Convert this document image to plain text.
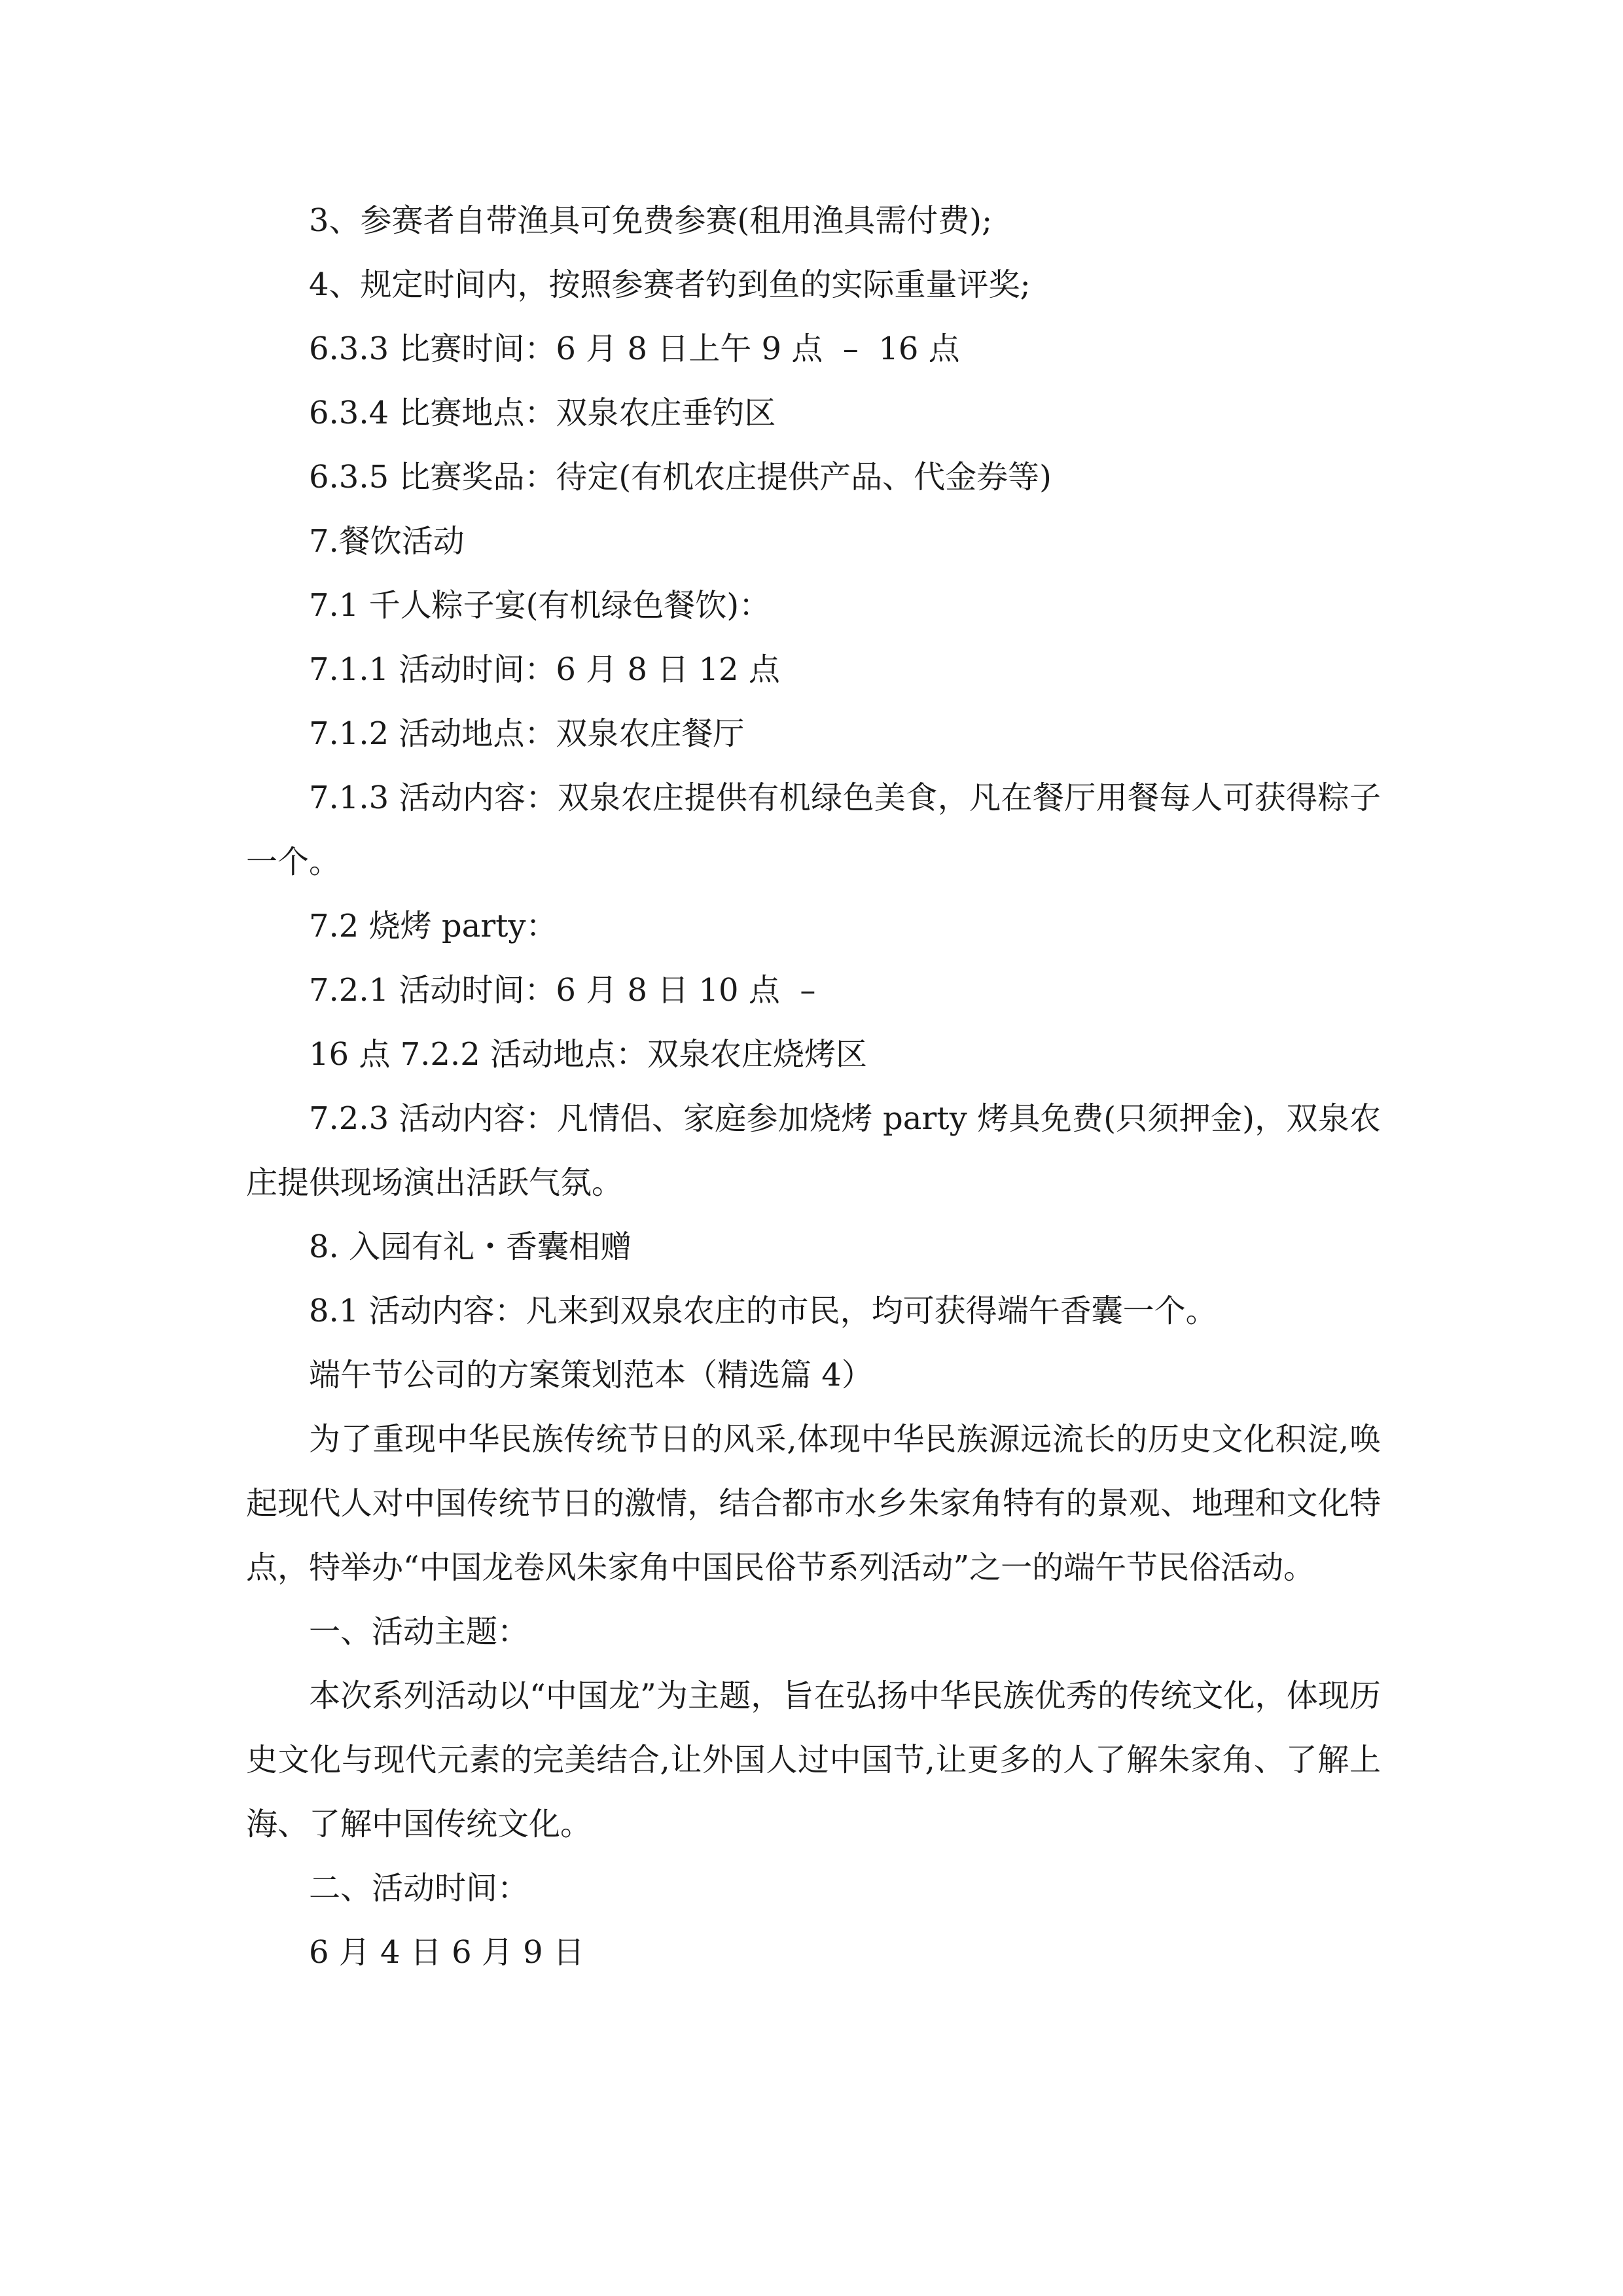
3、参赛者自带渔具可免费参赛(租用渔具需付费);

4、规定时间内，按照参赛者钓到鱼的实际重量评奖;

6.3.3 比赛时间：6 月 8 日上午 9 点  –  16 点

6.3.4 比赛地点：双泉农庄垂钓区

6.3.5 比赛奖品：待定(有机农庄提供产品、代金券等)

7.餐饮活动

7.1 千人粽子宴(有机绿色餐饮)：

7.1.1 活动时间：6 月 8 日 12 点

7.1.2 活动地点：双泉农庄餐厅

7.1.3 活动内容：双泉农庄提供有机绿色美食，凡在餐厅用餐每人可获得粽子一个。

7.2 烧烤 party：

7.2.1 活动时间：6 月 8 日 10 点  –

16 点 7.2.2 活动地点：双泉农庄烧烤区

7.2.3 活动内容：凡情侣、家庭参加烧烤 party 烤具免费(只须押金)，双泉农庄提供现场演出活跃气氛。

8. 入园有礼・香囊相赠

8.1 活动内容：凡来到双泉农庄的市民，均可获得端午香囊一个。

端午节公司的方案策划范本（精选篇 4）

为了重现中华民族传统节日的风采,体现中华民族源远流长的历史文化积淀,唤起现代人对中国传统节日的激情，结合都市水乡朱家角特有的景观、地理和文化特点，特举办“中国龙卷风朱家角中国民俗节系列活动”之一的端午节民俗活动。

一、活动主题：

本次系列活动以“中国龙”为主题，旨在弘扬中华民族优秀的传统文化，体现历史文化与现代元素的完美结合,让外国人过中国节,让更多的人了解朱家角、了解上海、了解中国传统文化。

二、活动时间：

6 月 4 日 6 月 9 日
